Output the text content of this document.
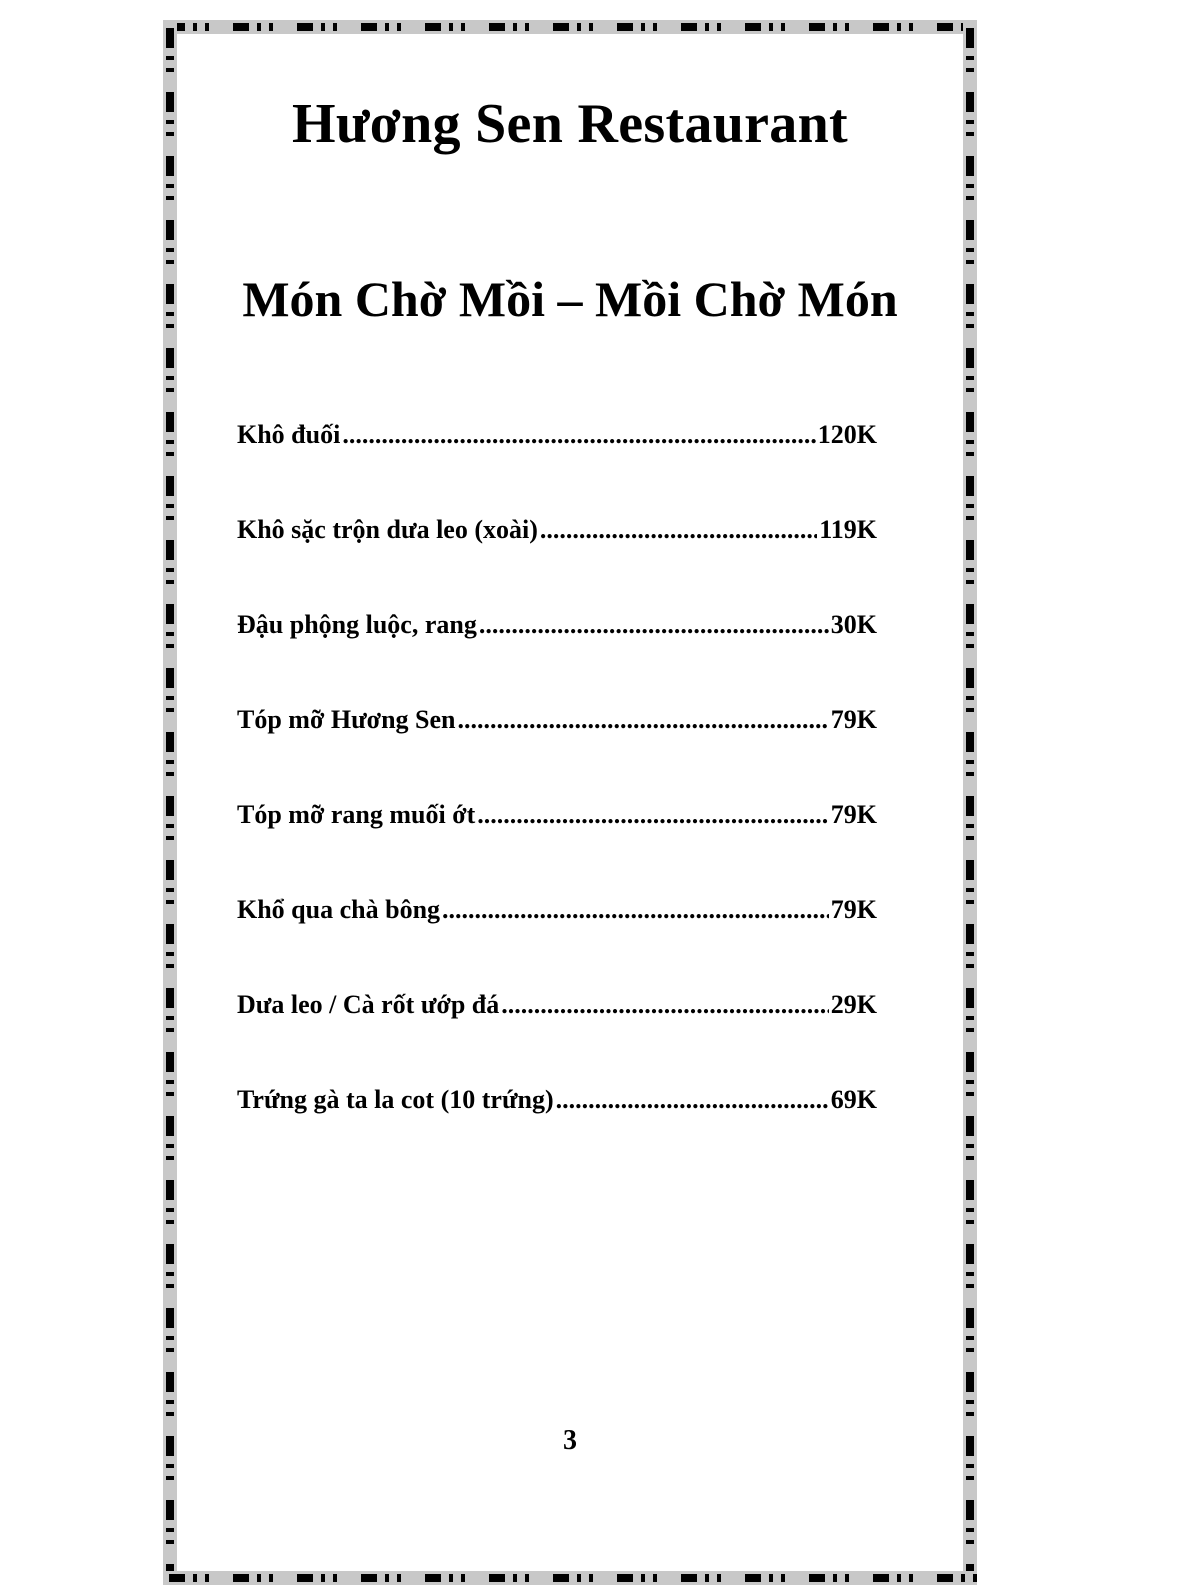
Hương Sen Restaurant
Món Chờ Mồi – Mồi Chờ Món
Khô đuối .....	120K
Khô sặc trộn dưa leo (xoài) .....	119K
Đậu phộng luộc, rang .....	30K
Tóp mỡ Hương Sen .....	79K
Tóp mỡ rang muối ớt .....	79K
Khổ qua chà bông .....	79K
Dưa leo / Cà rốt ướp đá .....	29K
Trứng gà ta la cot (10 trứng) .....	69K
3
